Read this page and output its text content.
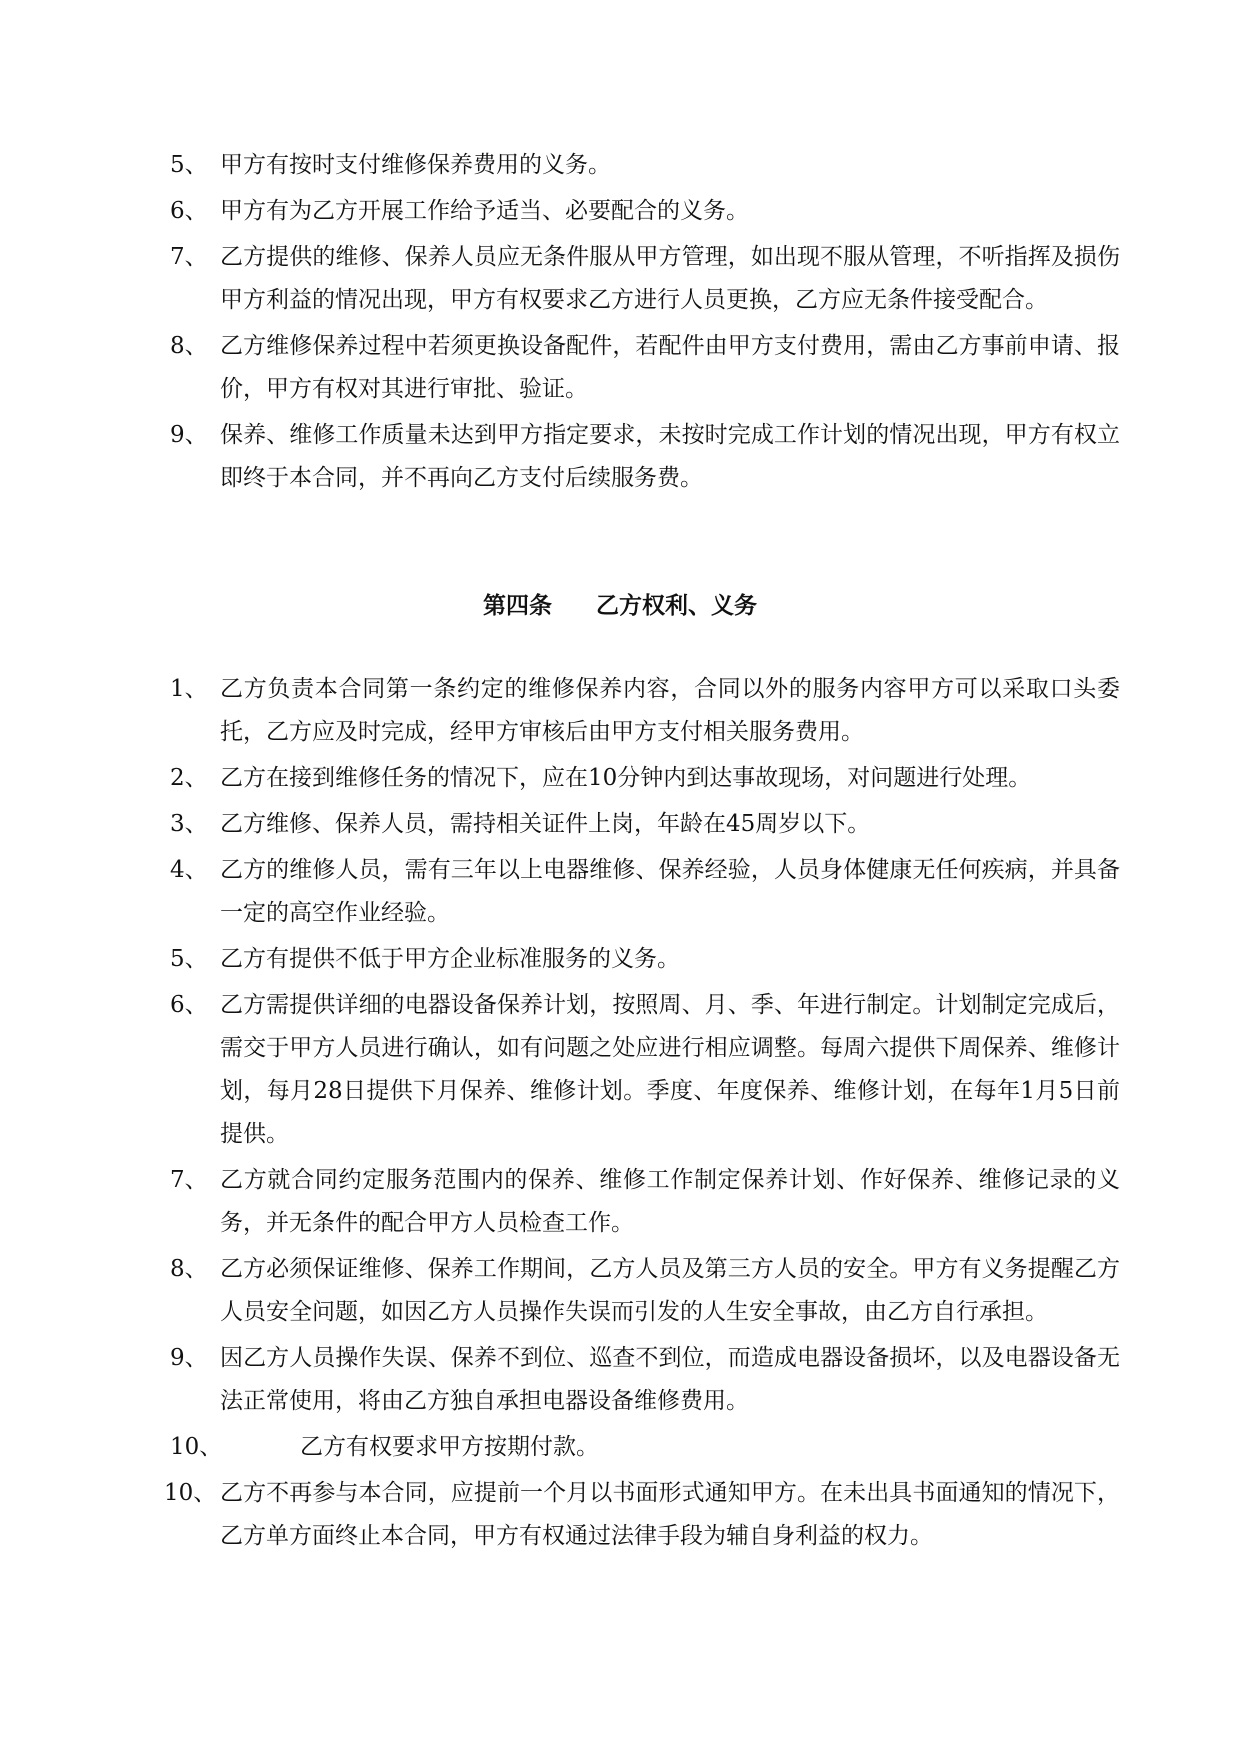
5、 甲方有按时支付维修保养费用的义务。
6、 甲方有为乙方开展工作给予适当、必要配合的义务。
7、 乙方提供的维修、保养人员应无条件服从甲方管理，如出现不服从管理，不听指挥及损伤甲方利益的情况出现，甲方有权要求乙方进行人员更换，乙方应无条件接受配合。
8、 乙方维修保养过程中若须更换设备配件，若配件由甲方支付费用，需由乙方事前申请、报价，甲方有权对其进行审批、验证。
9、 保养、维修工作质量未达到甲方指定要求，未按时完成工作计划的情况出现，甲方有权立即终于本合同，并不再向乙方支付后续服务费。
第四条 乙方权利、义务
1、 乙方负责本合同第一条约定的维修保养内容，合同以外的服务内容甲方可以采取口头委托，乙方应及时完成，经甲方审核后由甲方支付相关服务费用。
2、 乙方在接到维修任务的情况下，应在10分钟内到达事故现场，对问题进行处理。
3、 乙方维修、保养人员，需持相关证件上岗，年龄在45周岁以下。
4、 乙方的维修人员，需有三年以上电器维修、保养经验，人员身体健康无任何疾病，并具备一定的高空作业经验。
5、 乙方有提供不低于甲方企业标准服务的义务。
6、 乙方需提供详细的电器设备保养计划，按照周、月、季、年进行制定。计划制定完成后，需交于甲方人员进行确认，如有问题之处应进行相应调整。每周六提供下周保养、维修计划，每月28日提供下月保养、维修计划。季度、年度保养、维修计划，在每年1月5日前提供。
7、 乙方就合同约定服务范围内的保养、维修工作制定保养计划、作好保养、维修记录的义务，并无条件的配合甲方人员检查工作。
8、 乙方必须保证维修、保养工作期间，乙方人员及第三方人员的安全。甲方有义务提醒乙方人员安全问题，如因乙方人员操作失误而引发的人生安全事故，由乙方自行承担。
9、 因乙方人员操作失误、保养不到位、巡查不到位，而造成电器设备损坏，以及电器设备无法正常使用，将由乙方独自承担电器设备维修费用。
10、	乙方有权要求甲方按期付款。
10、 乙方不再参与本合同，应提前一个月以书面形式通知甲方。在未出具书面通知的情况下，乙方单方面终止本合同，甲方有权通过法律手段为辅自身利益的权力。
